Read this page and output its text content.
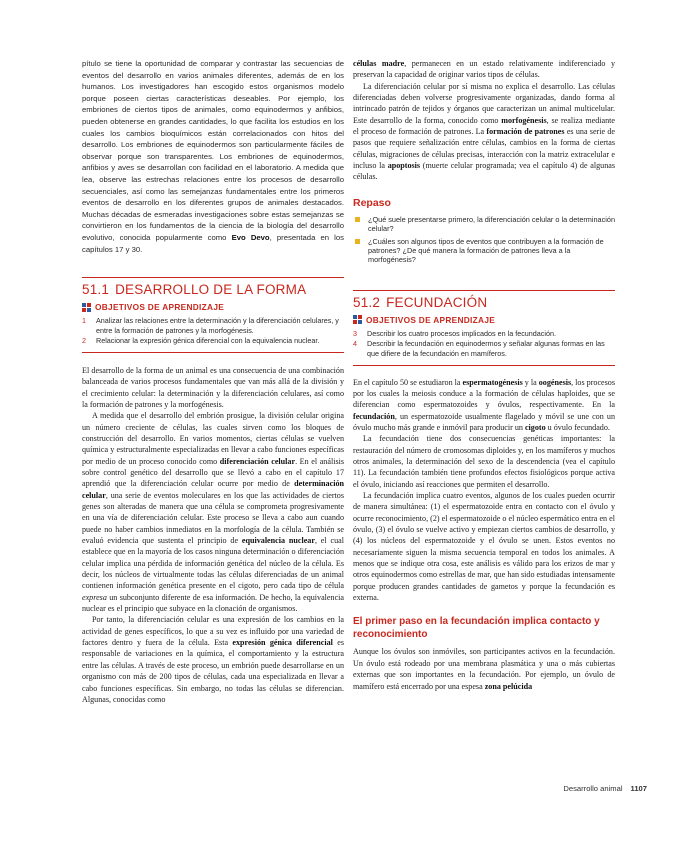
pítulo se tiene la oportunidad de comparar y contrastar las secuencias de eventos del desarrollo en varios animales diferentes, además de en los humanos. Los investigadores han escogido estos organismos modelo porque poseen ciertas características deseables. Por ejemplo, los embriones de ciertos tipos de animales, como equinodermos y anfibios, pueden obtenerse en grandes cantidades, lo que facilita los estudios en los cuales los cambios bioquímicos están correlacionados con hitos del desarrollo. Los embriones de equinodermos son particularmente fáciles de observar porque son transparentes. Los embriones de equinodermos, anfibios y aves se desarrollan con facilidad en el laboratorio. A medida que lea, observe las estrechas relaciones entre los procesos de desarrollo secuenciales, así como las semejanzas fundamentales entre los primeros eventos de desarrollo en los diferentes grupos de animales destacados. Muchas décadas de esmeradas investigaciones sobre estas semejanzas se convirtieron en los fundamentos de la ciencia de la biología del desarrollo evolutivo, conocida popularmente como Evo Devo, presentada en los capítulos 17 y 30.

51.1 DESARROLLO DE LA FORMA
OBJETIVOS DE APRENDIZAJE
1	Analizar las relaciones entre la determinación y la diferenciación celulares, y entre la formación de patrones y la morfogénesis.
2	Relacionar la expresión génica diferencial con la equivalencia nuclear.

El desarrollo de la forma de un animal es una consecuencia de una combinación balanceada de varios procesos fundamentales que van más allá de la división y el crecimiento celular: la determinación y la diferenciación celulares, así como la formación de patrones y la morfogénesis.

A medida que el desarrollo del embrión prosigue, la división celular origina un número creciente de células, las cuales sirven como los bloques de construcción del desarrollo. En varios momentos, ciertas células se vuelven química y estructuralmente especializadas en llevar a cabo funciones específicas por medio de un proceso conocido como diferenciación celular. En el análisis sobre control genético del desarrollo que se llevó a cabo en el capítulo 17 aprendió que la diferenciación celular ocurre por medio de determinación celular, una serie de eventos moleculares en los que las actividades de ciertos genes son alteradas de manera que una célula se comprometa progresivamente en una vía de diferenciación celular. Este proceso se lleva a cabo aun cuando puede no haber cambios inmediatos en la morfología de la célula. También se evaluó evidencia que sustenta el principio de equivalencia nuclear, el cual establece que en la mayoría de los casos ninguna determinación o diferenciación celular implica una pérdida de información genética del núcleo de la célula. Es decir, los núcleos de virtualmente todas las células diferenciadas de un animal contienen información genética presente en el cigoto, pero cada tipo de célula expresa un subconjunto diferente de esa información. De hecho, la equivalencia nuclear es el principio que subyace en la clonación de organismos.

Por tanto, la diferenciación celular es una expresión de los cambios en la actividad de genes específicos, lo que a su vez es influido por una variedad de factores dentro y fuera de la célula. Esta expresión génica diferencial es responsable de variaciones en la química, el comportamiento y la estructura entre las células. A través de este proceso, un embrión puede desarrollarse en un organismo con más de 200 tipos de células, cada una especializada en llevar a cabo funciones específicas. Sin embargo, no todas las células se diferencian. Algunas, conocidas como

células madre, permanecen en un estado relativamente indiferenciado y preservan la capacidad de originar varios tipos de células.

La diferenciación celular por sí misma no explica el desarrollo. Las células diferenciadas deben volverse progresivamente organizadas, dando forma al intrincado patrón de tejidos y órganos que caracterizan un animal multicelular. Este desarrollo de la forma, conocido como morfogénesis, se realiza mediante el proceso de formación de patrones. La formación de patrones es una serie de pasos que requiere señalización entre células, cambios en la forma de ciertas células, migraciones de células precisas, interacción con la matriz extracelular e incluso la apoptosis (muerte celular programada; vea el capítulo 4) de algunas células.

Repaso
¿Qué suele presentarse primero, la diferenciación celular o la determinación celular?
¿Cuáles son algunos tipos de eventos que contribuyen a la formación de patrones? ¿De qué manera la formación de patrones lleva a la morfogénesis?
51.2 FECUNDACIÓN
OBJETIVOS DE APRENDIZAJE
3	Describir los cuatro procesos implicados en la fecundación.
4	Describir la fecundación en equinodermos y señalar algunas formas en las que difiere de la fecundación en mamíferos.

En el capítulo 50 se estudiaron la espermatogénesis y la oogénesis, los procesos por los cuales la meiosis conduce a la formación de células haploides, que se diferencian como espermatozoides y óvulos, respectivamente. En la fecundación, un espermatozoide usualmente flagelado y móvil se une con un óvulo mucho más grande e inmóvil para producir un cigoto u óvulo fecundado.

La fecundación tiene dos consecuencias genéticas importantes: la restauración del número de cromosomas diploides y, en los mamíferos y muchos otros animales, la determinación del sexo de la descendencia (vea el capítulo 11). La fecundación también tiene profundos efectos fisiológicos porque activa el óvulo, iniciando así reacciones que permiten el desarrollo.

La fecundación implica cuatro eventos, algunos de los cuales pueden ocurrir de manera simultánea: (1) el espermatozoide entra en contacto con el óvulo y ocurre reconocimiento, (2) el espermatozoide o el núcleo espermático entra en el óvulo, (3) el óvulo se vuelve activo y empiezan ciertos cambios de desarrollo, y (4) los núcleos del espermatozoide y el óvulo se unen. Estos eventos no necesariamente siguen la misma secuencia temporal en todos los animales. A menos que se indique otra cosa, este análisis es válido para los erizos de mar y otros equinodermos como estrellas de mar, que han sido estudiadas intensamente porque producen grandes cantidades de gametos y porque la fecundación es externa.

El primer paso en la fecundación implica contacto y reconocimiento

Aunque los óvulos son inmóviles, son participantes activos en la fecundación. Un óvulo está rodeado por una membrana plasmática y una o más cubiertas externas que son importantes en la fecundación. Por ejemplo, un óvulo de mamífero está encerrado por una espesa zona pelúcida

Desarrollo animal 1107
